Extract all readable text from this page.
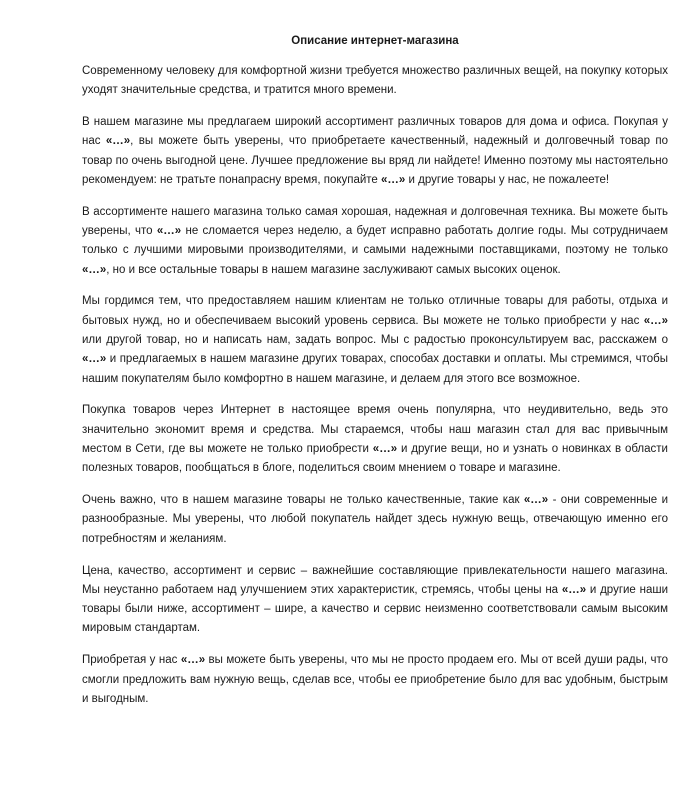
Описание интернет-магазина

Современному человеку для комфортной жизни требуется множество различных вещей, на покупку которых уходят значительные средства, и тратится много времени.

В нашем магазине мы предлагаем широкий ассортимент различных товаров для дома и офиса. Покупая у нас «…», вы можете быть уверены, что приобретаете качественный, надежный и долговечный товар по товар по очень выгодной цене. Лучшее предложение вы вряд ли найдете! Именно поэтому мы настоятельно рекомендуем: не тратьте понапрасну время, покупайте «…» и другие товары у нас, не пожалеете!

В ассортименте нашего магазина только самая хорошая, надежная и долговечная техника. Вы можете быть уверены, что «…» не сломается через неделю, а будет исправно работать долгие годы. Мы сотрудничаем только с лучшими мировыми производителями, и самыми надежными поставщиками, поэтому не только «…», но и все остальные товары в нашем магазине заслуживают самых высоких оценок.

Мы гордимся тем, что предоставляем нашим клиентам не только отличные товары для работы, отдыха и бытовых нужд, но и обеспечиваем высокий уровень сервиса. Вы можете не только приобрести у нас «…» или другой товар, но и написать нам, задать вопрос. Мы с радостью проконсультируем вас, расскажем о «…» и предлагаемых в нашем магазине других товарах, способах доставки и оплаты. Мы стремимся, чтобы нашим покупателям было комфортно в нашем магазине, и делаем для этого все возможное.

Покупка товаров через Интернет в настоящее время очень популярна, что неудивительно, ведь это значительно экономит время и средства. Мы стараемся, чтобы наш магазин стал для вас привычным местом в Сети, где вы можете не только приобрести «…» и другие вещи, но и узнать о новинках в области полезных товаров, пообщаться в блоге, поделиться своим мнением о товаре и магазине.

Очень важно, что в нашем магазине товары не только качественные, такие как «…» - они современные и разнообразные. Мы уверены, что любой покупатель найдет здесь нужную вещь, отвечающую именно его потребностям и желаниям.

Цена, качество, ассортимент и сервис – важнейшие составляющие привлекательности нашего магазина. Мы неустанно работаем над улучшением этих характеристик, стремясь, чтобы цены на «…» и другие наши товары были ниже, ассортимент – шире, а качество и сервис неизменно соответствовали самым высоким мировым стандартам.

Приобретая у нас «…» вы можете быть уверены, что мы не просто продаем его. Мы от всей души рады, что смогли предложить вам нужную вещь, сделав все, чтобы ее приобретение было для вас удобным, быстрым и выгодным.
